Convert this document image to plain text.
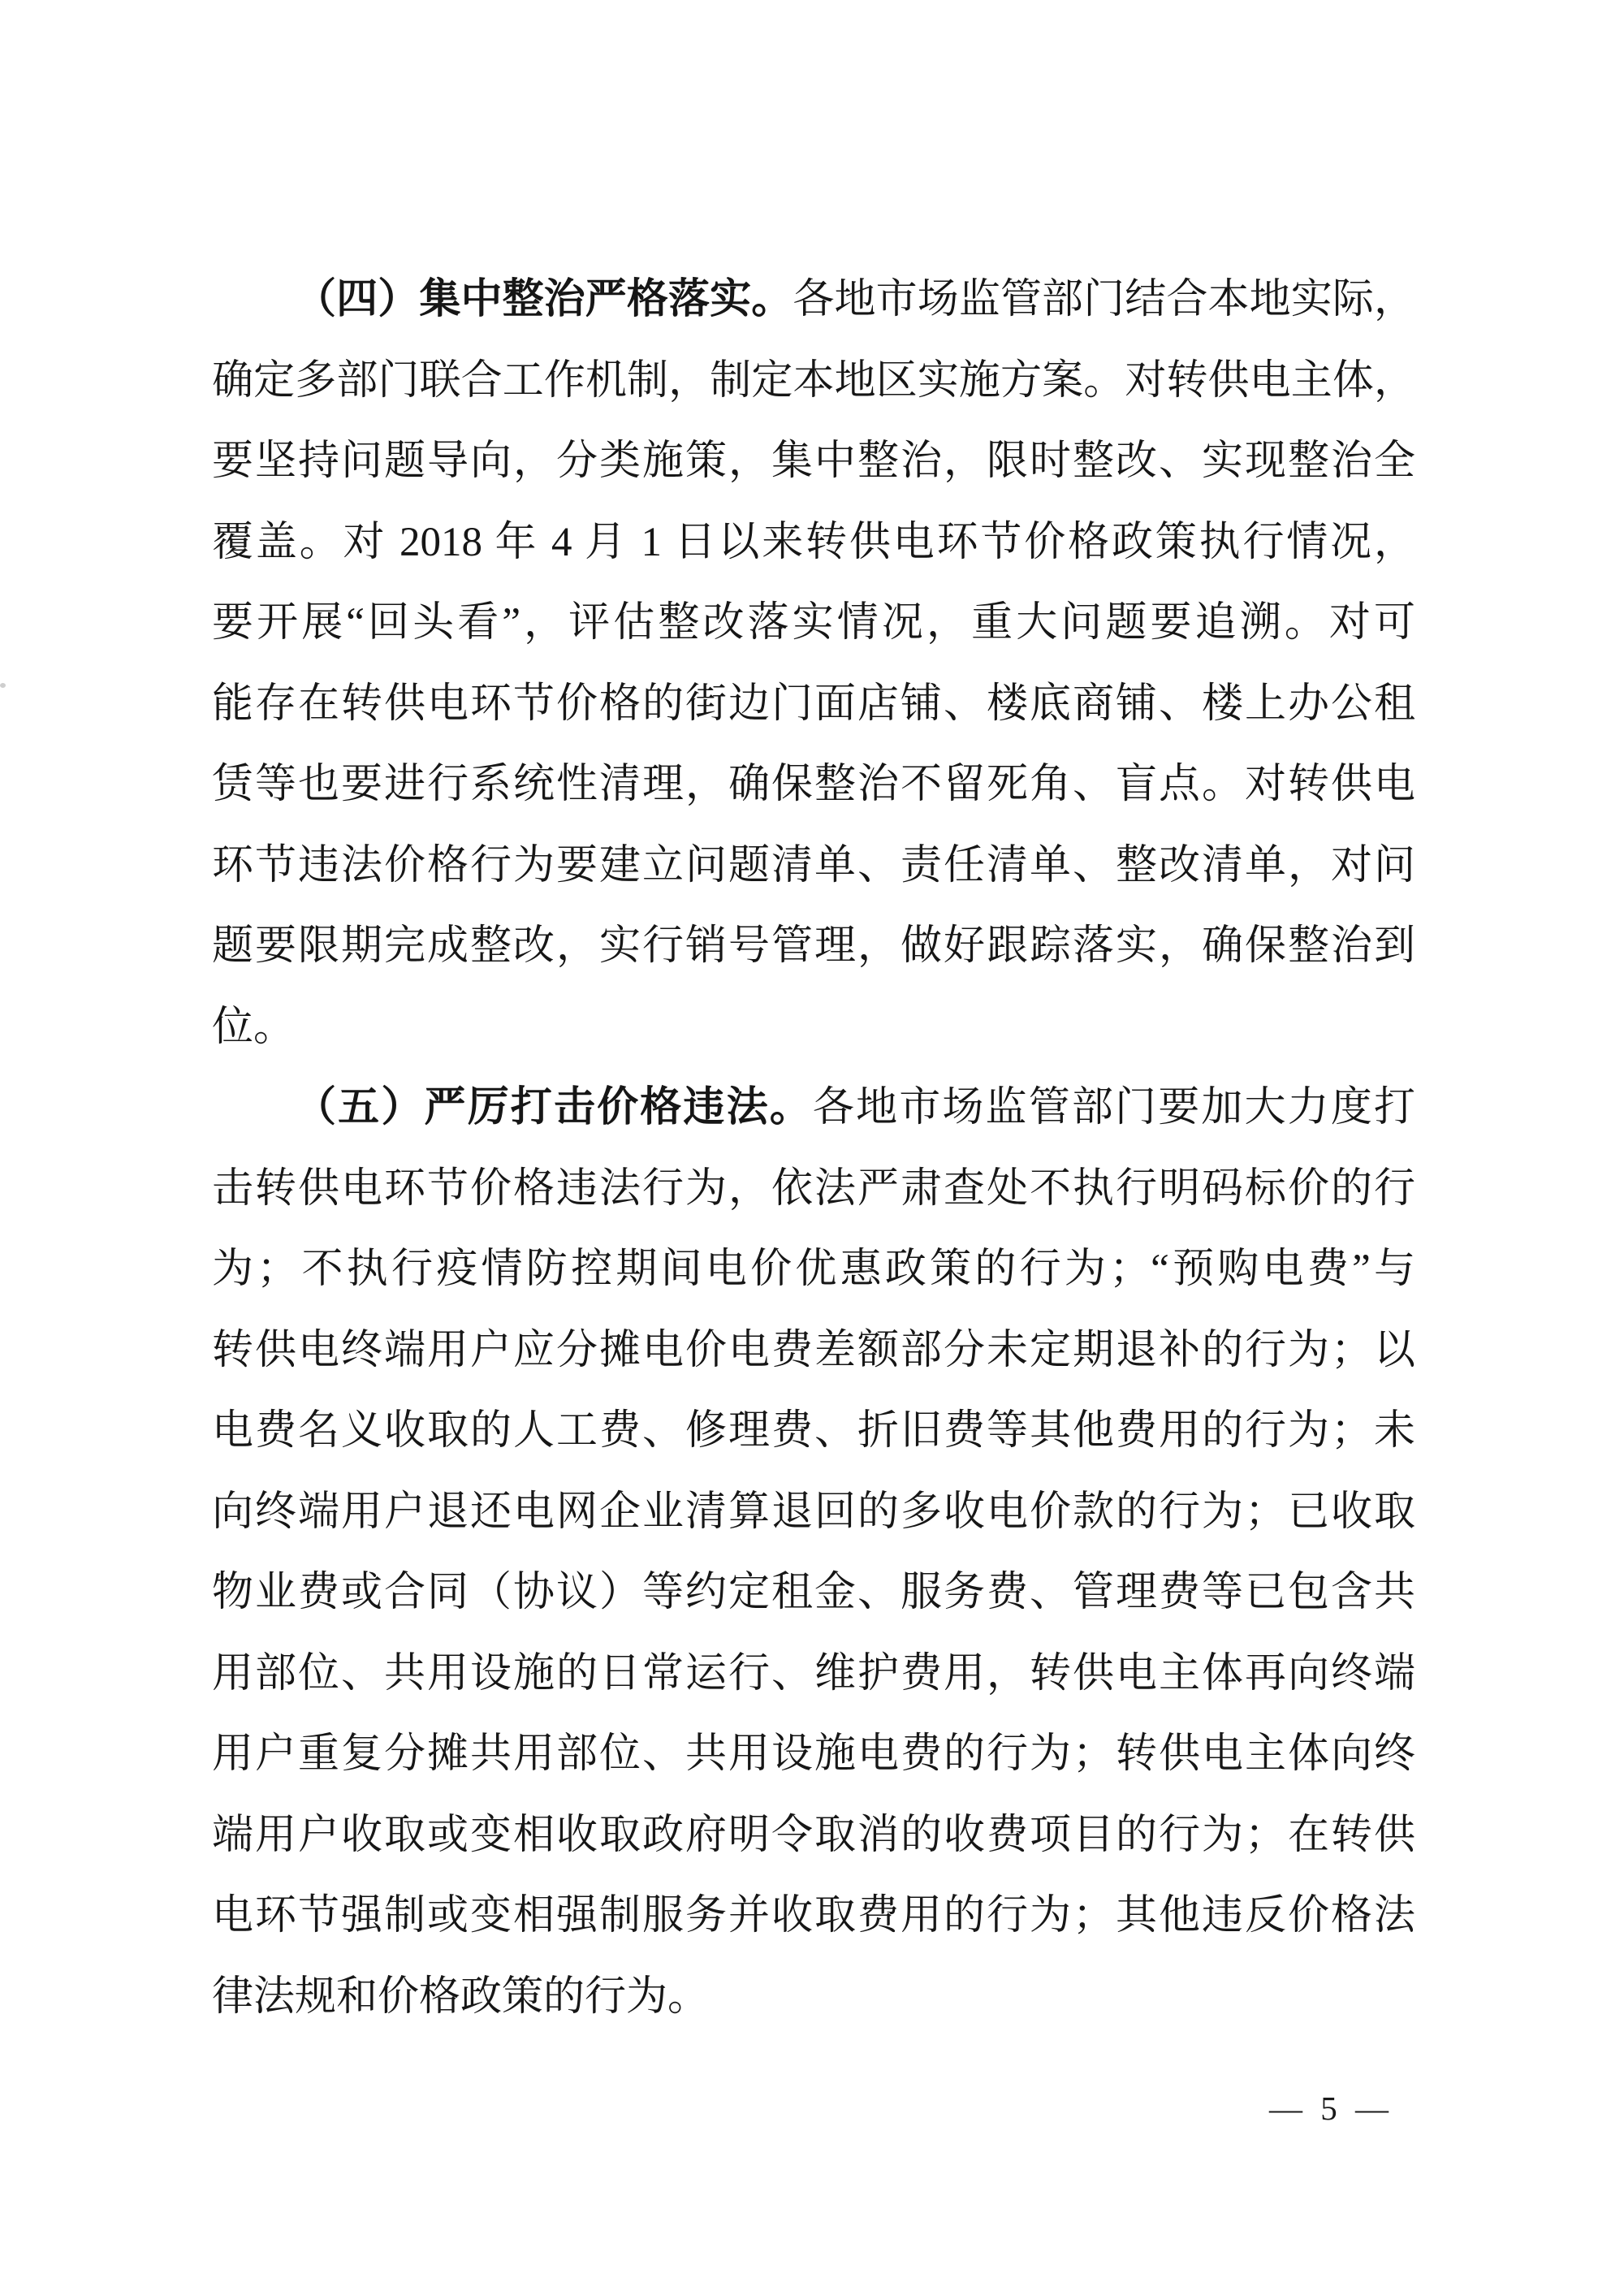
（四）集中整治严格落实。各地市场监管部门结合本地实际，
确定多部门联合工作机制，制定本地区实施方案。对转供电主体，
要坚持问题导向，分类施策，集中整治，限时整改、实现整治全
覆盖。对 2018 年 4 月 1 日以来转供电环节价格政策执行情况，
要开展“回头看”，评估整改落实情况，重大问题要追溯。对可
能存在转供电环节价格的街边门面店铺、楼底商铺、楼上办公租
赁等也要进行系统性清理，确保整治不留死角、盲点。对转供电
环节违法价格行为要建立问题清单、责任清单、整改清单，对问
题要限期完成整改，实行销号管理，做好跟踪落实，确保整治到
位。
（五）严厉打击价格违法。各地市场监管部门要加大力度打
击转供电环节价格违法行为，依法严肃查处不执行明码标价的行
为；不执行疫情防控期间电价优惠政策的行为；“预购电费”与
转供电终端用户应分摊电价电费差额部分未定期退补的行为；以
电费名义收取的人工费、修理费、折旧费等其他费用的行为；未
向终端用户退还电网企业清算退回的多收电价款的行为；已收取
物业费或合同（协议）等约定租金、服务费、管理费等已包含共
用部位、共用设施的日常运行、维护费用，转供电主体再向终端
用户重复分摊共用部位、共用设施电费的行为；转供电主体向终
端用户收取或变相收取政府明令取消的收费项目的行为；在转供
电环节强制或变相强制服务并收取费用的行为；其他违反价格法
律法规和价格政策的行为。
— 5 —
